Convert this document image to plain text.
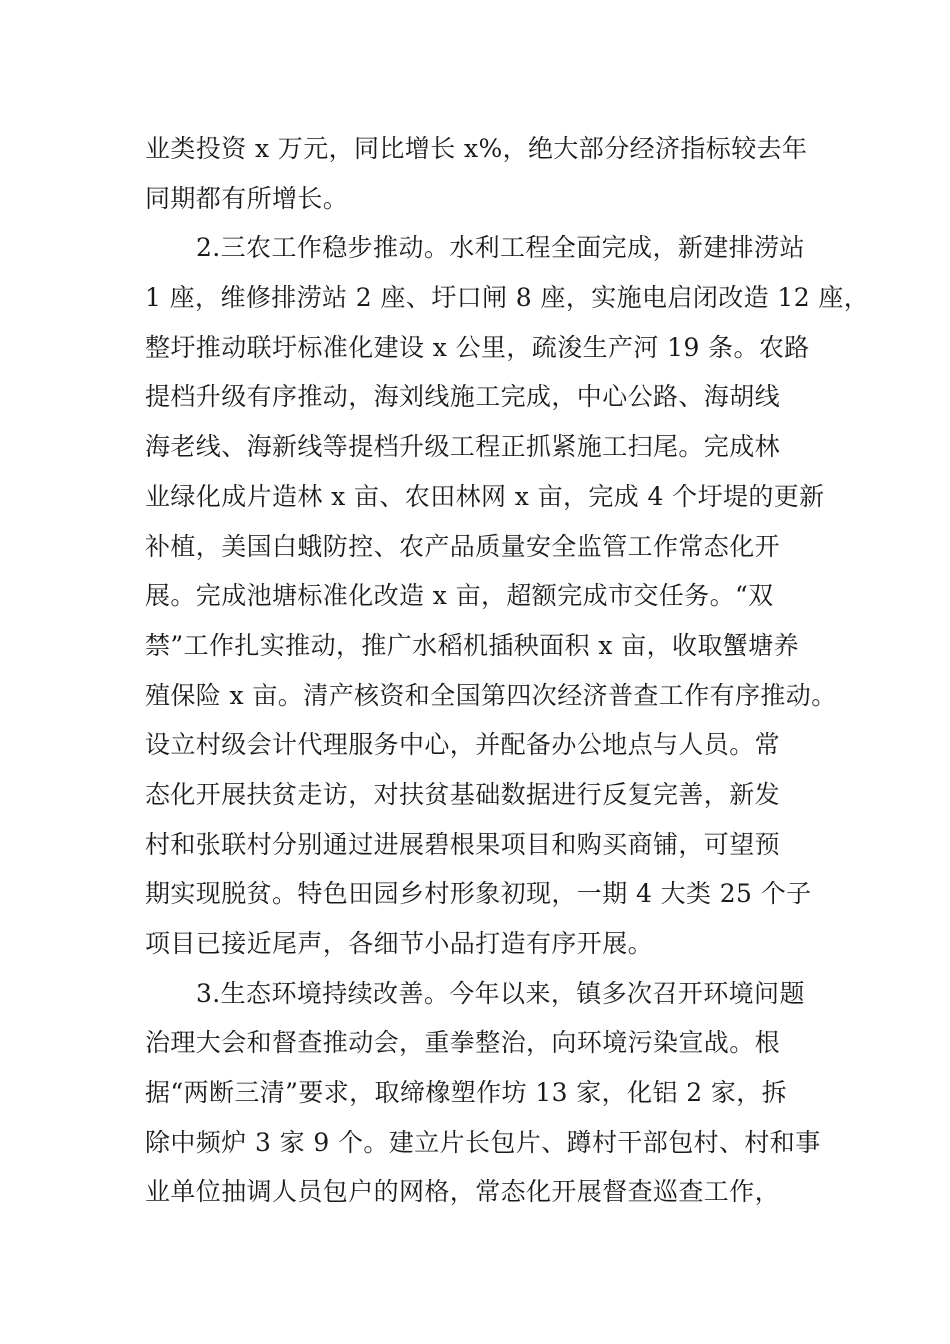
业类投资 x 万元，同比增长 x%，绝大部分经济指标较去年
同期都有所增长。
2.三农工作稳步推动。水利工程全面完成，新建排涝站
1 座，维修排涝站 2 座、圩口闸 8 座，实施电启闭改造 12 座，
整圩推动联圩标准化建设 x 公里，疏浚生产河 19 条。农路
提档升级有序推动，海刘线施工完成，中心公路、海胡线
海老线、海新线等提档升级工程正抓紧施工扫尾。完成林
业绿化成片造林 x 亩、农田林网 x 亩，完成 4 个圩堤的更新
补植，美国白蛾防控、农产品质量安全监管工作常态化开
展。完成池塘标准化改造 x 亩，超额完成市交任务。“双
禁”工作扎实推动，推广水稻机插秧面积 x 亩，收取蟹塘养
殖保险 x 亩。清产核资和全国第四次经济普查工作有序推动。
设立村级会计代理服务中心，并配备办公地点与人员。常
态化开展扶贫走访，对扶贫基础数据进行反复完善，新发
村和张联村分别通过进展碧根果项目和购买商铺，可望预
期实现脱贫。特色田园乡村形象初现，一期 4 大类 25 个子
项目已接近尾声，各细节小品打造有序开展。
3.生态环境持续改善。今年以来，镇多次召开环境问题
治理大会和督查推动会，重拳整治，向环境污染宣战。根
据“两断三清”要求，取缔橡塑作坊 13 家，化铝 2 家，拆
除中频炉 3 家 9 个。建立片长包片、蹲村干部包村、村和事
业单位抽调人员包户的网格，常态化开展督查巡查工作，
